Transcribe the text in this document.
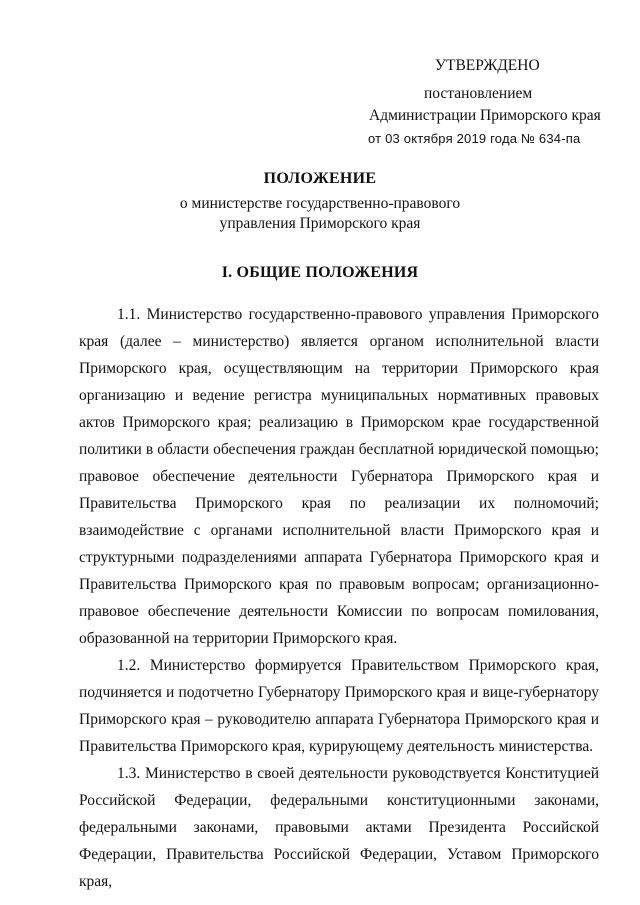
УТВЕРЖДЕНО
постановлением
Администрации Приморского края
от 03 октября 2019 года № 634-па
ПОЛОЖЕНИЕ
о министерстве государственно-правового
управления Приморского края
I. ОБЩИЕ ПОЛОЖЕНИЯ

1.1. Министерство государственно-правового управления Приморского края (далее – министерство) является органом исполнительной власти Приморского края, осуществляющим на территории Приморского края организацию и ведение регистра муниципальных нормативных правовых актов Приморского края; реализацию в Приморском крае государственной политики в области обеспечения граждан бесплатной юридической помощью; правовое обеспечение деятельности Губернатора Приморского края и Правительства Приморского края по реализации их полномочий; взаимодействие с органами исполнительной власти Приморского края и структурными подразделениями аппарата Губернатора Приморского края и Правительства Приморского края по правовым вопросам; организационно-правовое обеспечение деятельности Комиссии по вопросам помилования, образованной на территории Приморского края.

1.2. Министерство формируется Правительством Приморского края, подчиняется и подотчетно Губернатору Приморского края и вице-губернатору Приморского края – руководителю аппарата Губернатора Приморского края и Правительства Приморского края, курирующему деятельность министерства.

1.3. Министерство в своей деятельности руководствуется Конституцией Российской Федерации, федеральными конституционными законами, федеральными законами, правовыми актами Президента Российской Федерации, Правительства Российской Федерации, Уставом Приморского края,
